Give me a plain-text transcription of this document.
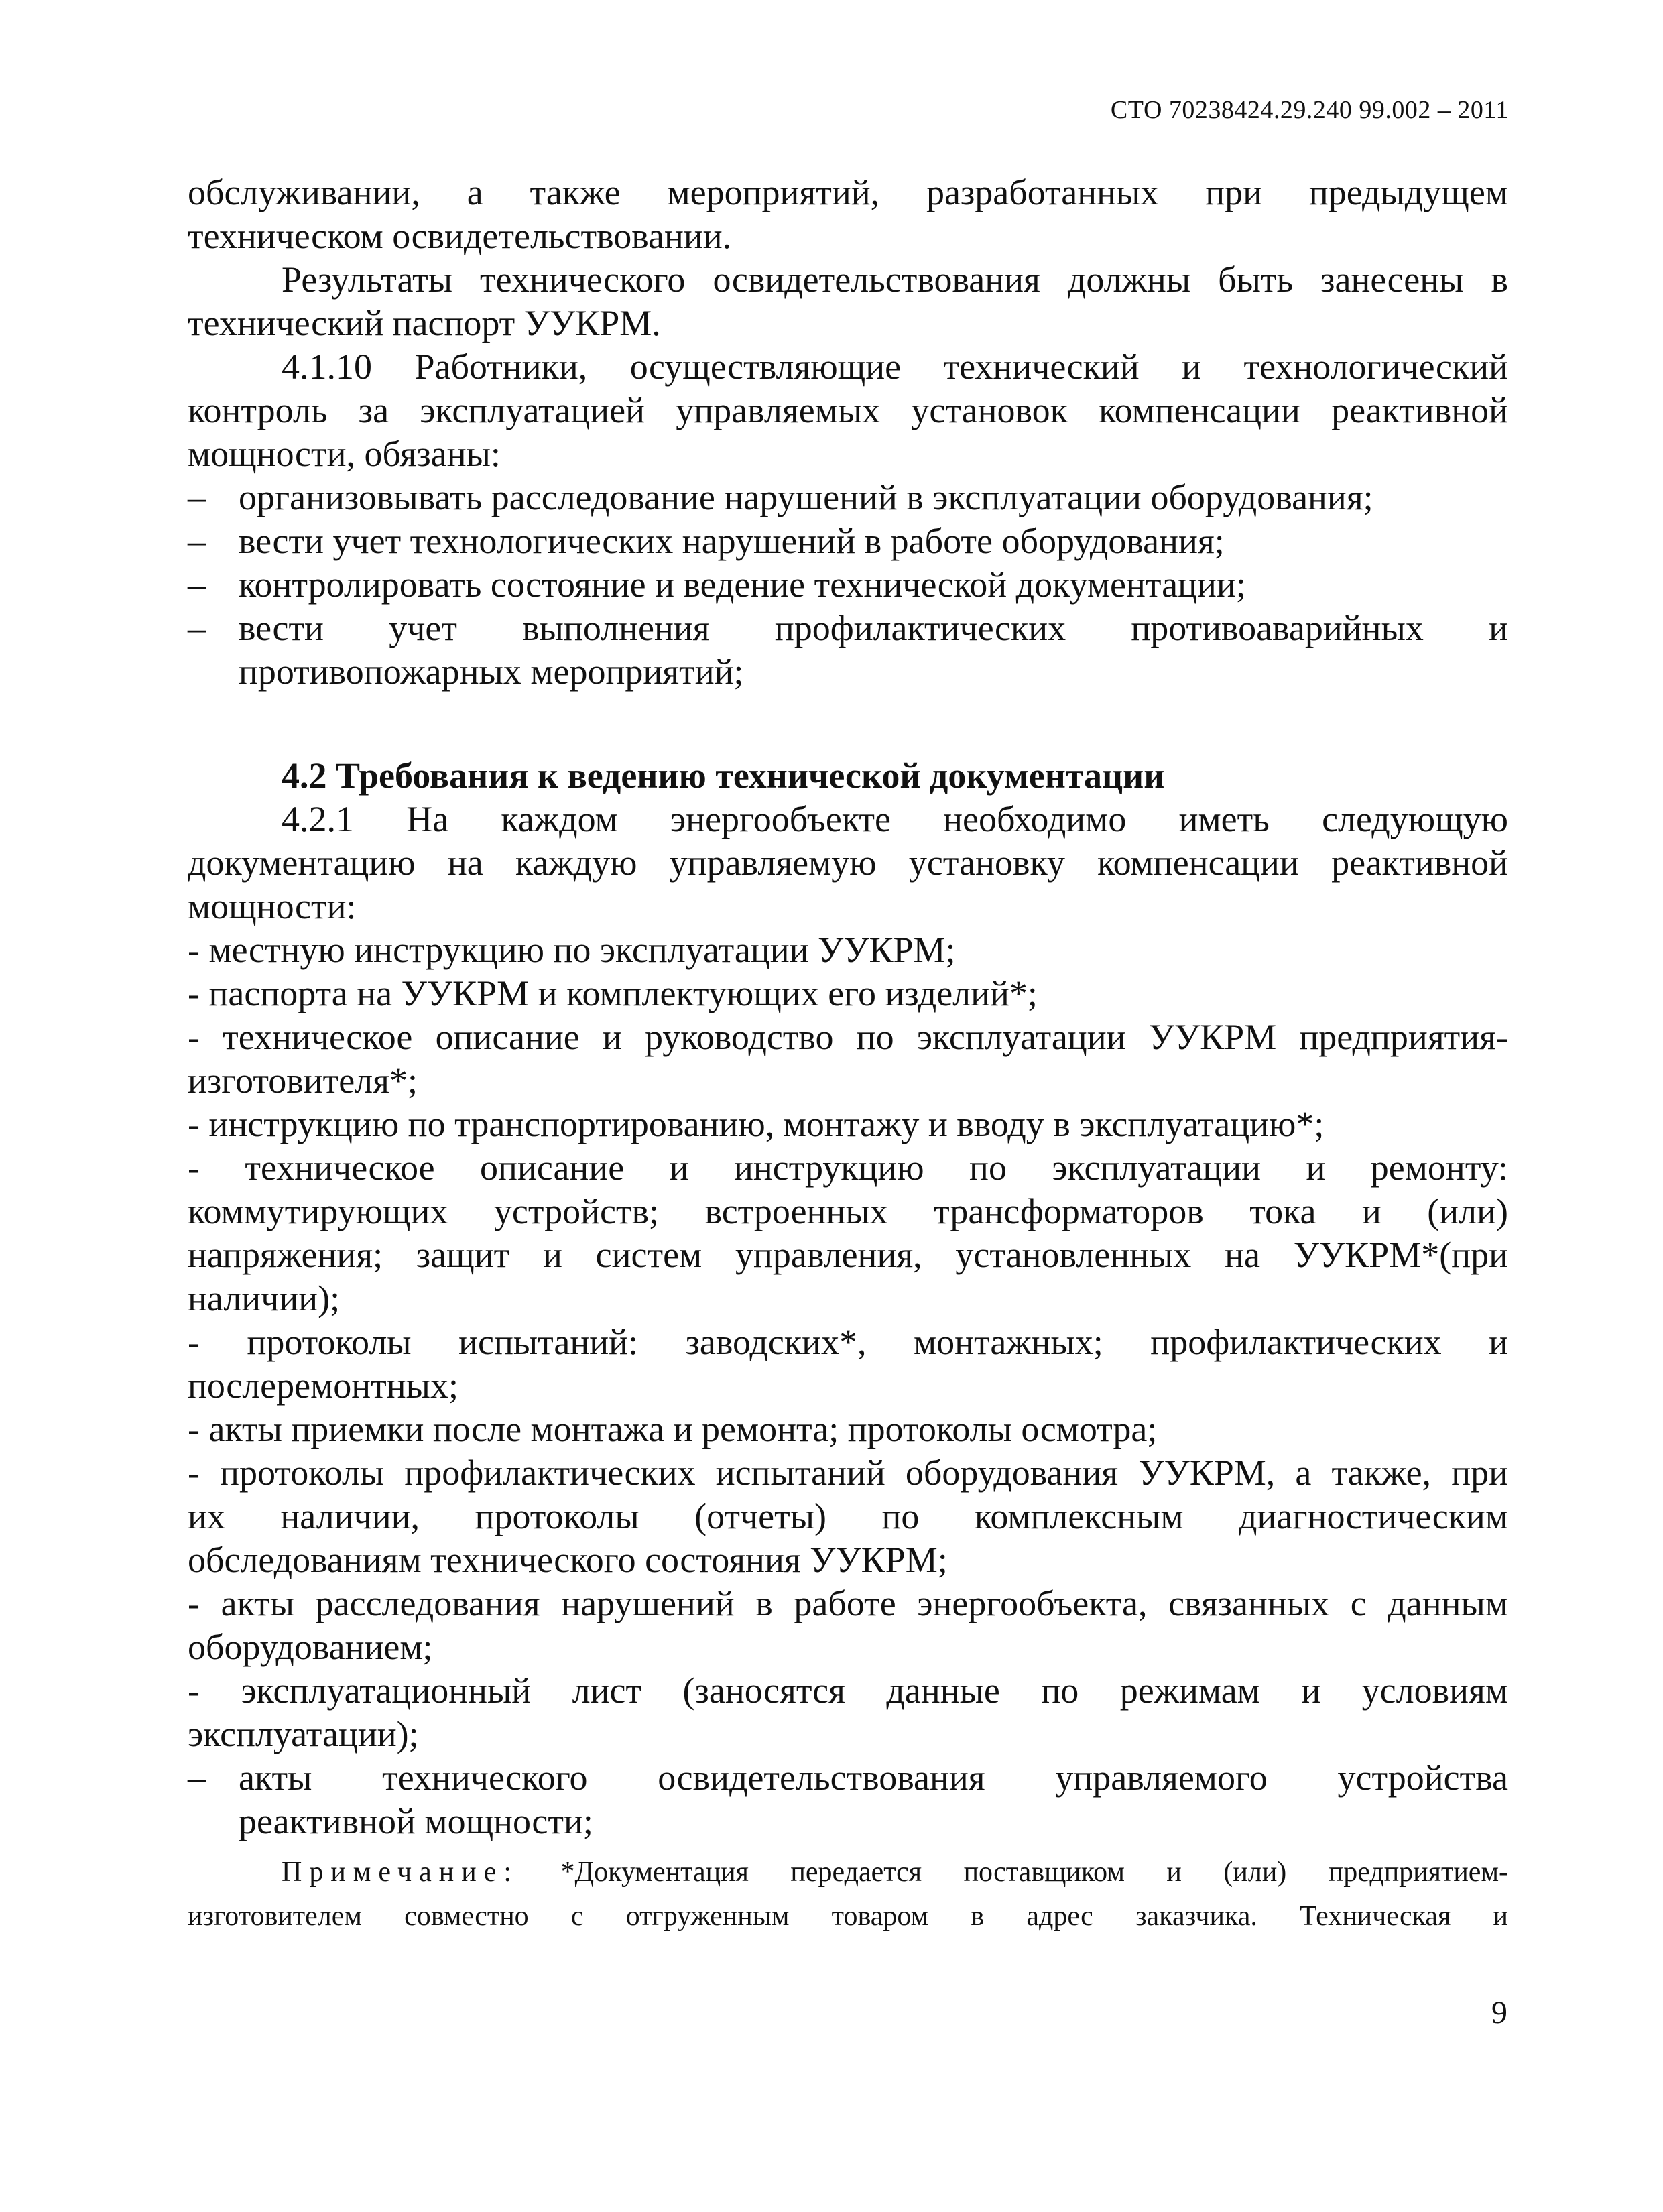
СТО 70238424.29.240 99.002 – 2011

обслуживании, а также мероприятий, разработанных при предыдущем

техническом освидетельствовании.

Результаты технического освидетельствования должны быть занесены в

технический паспорт УУКРМ.

4.1.10 Работники, осуществляющие технический и технологический

контроль за эксплуатацией управляемых установок компенсации реактивной

мощности, обязаны:

– организовывать расследование нарушений в эксплуатации оборудования;
– вести учет технологических нарушений в работе оборудования;
– контролировать состояние и ведение технической документации;
– вести учет выполнения профилактических противоаварийных и
противопожарных мероприятий;

4.2 Требования к ведению технической документации

4.2.1 На каждом энергообъекте необходимо иметь следующую

документацию на каждую управляемую установку компенсации реактивной

мощности:

- местную инструкцию по эксплуатации УУКРМ;

- паспорта на УУКРМ и комплектующих его изделий*;

- техническое описание и руководство по эксплуатации УУКРМ предприятия-

изготовителя*;

- инструкцию по транспортированию, монтажу и вводу в эксплуатацию*;

- техническое описание и инструкцию по эксплуатации и ремонту:

коммутирующих устройств; встроенных трансформаторов тока и (или)

напряжения; защит и систем управления, установленных на УУКРМ*(при

наличии);

- протоколы испытаний: заводских*, монтажных; профилактических и

послеремонтных;

- акты приемки после монтажа и ремонта; протоколы осмотра;

- протоколы профилактических испытаний оборудования УУКРМ, а также, при

их наличии, протоколы (отчеты) по комплексным диагностическим

обследованиям технического состояния УУКРМ;

- акты расследования нарушений в работе энергообъекта, связанных с данным

оборудованием;

- эксплуатационный лист (заносятся данные по режимам и условиям

эксплуатации);

– акты технического освидетельствования управляемого устройства
реактивной мощности;

Примечание: *Документация передается поставщиком и (или) предприятием-

изготовителем совместно с отгруженным товаром в адрес заказчика. Техническая и

9
